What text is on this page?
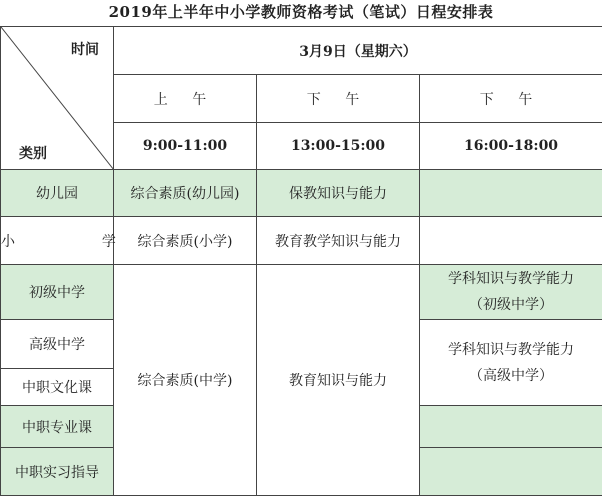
2019年上半年中小学教师资格考试（笔试）日程安排表
时间
类别	3月9日（星期六）		
	上 午	下 午	下 午
	9:00-11:00	13:00-15:00	16:00-18:00
幼儿园	综合素质(幼儿园)	保教知识与能力	
小  学	综合素质(小学)	教育教学知识与能力	
初级中学	综合素质(中学)	教育知识与能力	学科知识与教学能力
（初级中学）

高级中学			学科知识与教学能力
（高级中学）

中职文化课			
中职专业课			
中职实习指导			
